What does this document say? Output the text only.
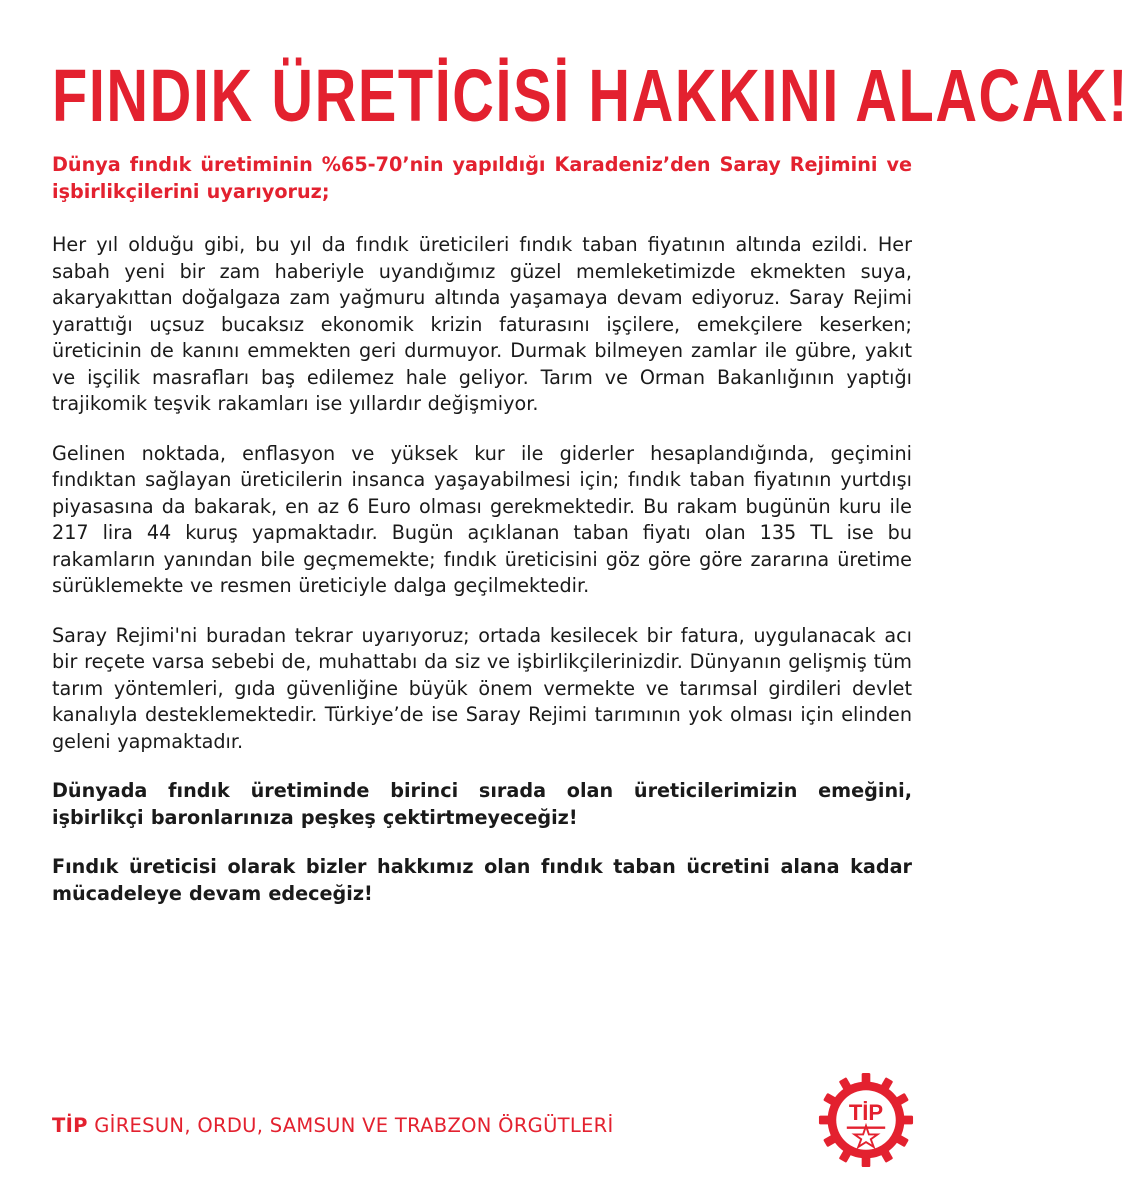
FINDIK ÜRETİCİSİ HAKKINI ALACAK!

Dünya fındık üretiminin %65-70’nin yapıldığı Karadeniz’den Saray Rejimini ve işbirlikçilerini uyarıyoruz;

Her yıl olduğu gibi, bu yıl da fındık üreticileri fındık taban fiyatının altında ezildi. Her sabah yeni bir zam haberiyle uyandığımız güzel memleketimizde ekmekten suya, akaryakıttan doğalgaza zam yağmuru altında yaşamaya devam ediyoruz. Saray Rejimi yarattığı uçsuz bucaksız ekonomik krizin faturasını işçilere, emekçilere keserken; üreticinin de kanını emmekten geri durmuyor. Durmak bilmeyen zamlar ile gübre, yakıt ve işçilik masrafları baş edilemez hale geliyor. Tarım ve Orman Bakanlığının yaptığı trajikomik teşvik rakamları ise yıllardır değişmiyor.

Gelinen noktada, enflasyon ve yüksek kur ile giderler hesaplandığında, geçimini fındıktan sağlayan üreticilerin insanca yaşayabilmesi için; fındık taban fiyatının yurtdışı piyasasına da bakarak, en az 6 Euro olması gerekmektedir. Bu rakam bugünün kuru ile 217 lira 44 kuruş yapmaktadır. Bugün açıklanan taban fiyatı olan 135 TL ise bu rakamların yanından bile geçmemekte; fındık üreticisini göz göre göre zararına üretime sürüklemekte ve resmen üreticiyle dalga geçilmektedir.

Saray Rejimi'ni buradan tekrar uyarıyoruz; ortada kesilecek bir fatura, uygulanacak acı bir reçete varsa sebebi de, muhattabı da siz ve işbirlikçilerinizdir. Dünyanın gelişmiş tüm tarım yöntemleri, gıda güvenliğine büyük önem vermekte ve tarımsal girdileri devlet kanalıyla desteklemektedir. Türkiye’de ise Saray Rejimi tarımının yok olması için elinden geleni yapmaktadır.

Dünyada fındık üretiminde birinci sırada olan üreticilerimizin emeğini, işbirlikçi baronlarınıza peşkeş çektirtmeyeceğiz!

Fındık üreticisi olarak bizler hakkımız olan fındık taban ücretini alana kadar mücadeleye devam edeceğiz!

TİP GİRESUN, ORDU, SAMSUN VE TRABZON ÖRGÜTLERİ
TİP
